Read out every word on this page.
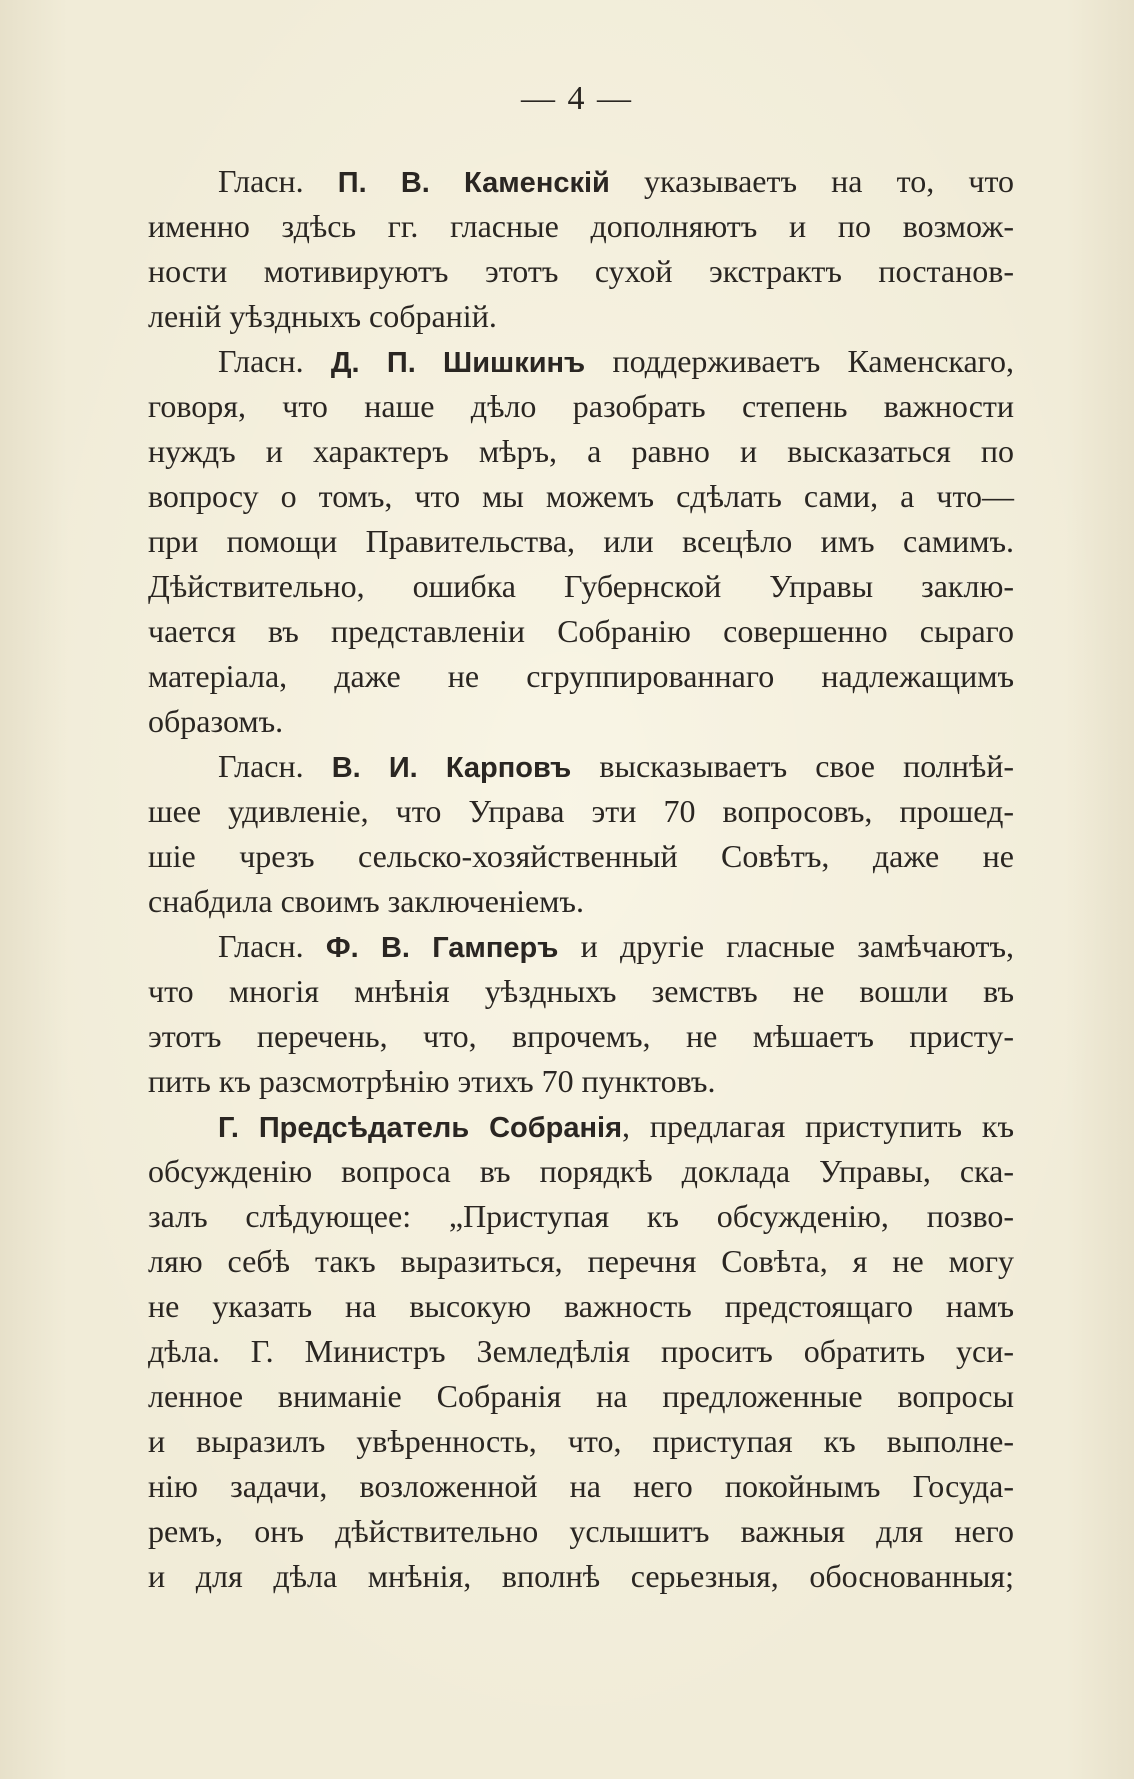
— 4 —
Гласн. П. В. Каменскій указываетъ на то, что
именно здѣсь гг. гласные дополняютъ и по возмож-
ности мотивируютъ этотъ сухой экстрактъ постанов-
леній уѣздныхъ собраній.
Гласн. Д. П. Шишкинъ поддерживаетъ Каменскаго,
говоря, что наше дѣло разобрать степень важности
нуждъ и характеръ мѣръ, а равно и высказаться по
вопросу о томъ, что мы можемъ сдѣлать сами, а что—
при помощи Правительства, или всецѣло имъ самимъ.
Дѣйствительно, ошибка Губернской Управы заклю-
чается въ представленіи Собранію совершенно сыраго
матеріала, даже не сгруппированнаго надлежащимъ
образомъ.
Гласн. В. И. Карповъ высказываетъ свое полнѣй-
шее удивленіе, что Управа эти 70 вопросовъ, прошед-
шіе чрезъ сельско-хозяйственный Совѣтъ, даже не
снабдила своимъ заключеніемъ.
Гласн. Ф. В. Гамперъ и другіе гласные замѣчаютъ,
что многія мнѣнія уѣздныхъ земствъ не вошли въ
этотъ перечень, что, впрочемъ, не мѣшаетъ присту-
пить къ разсмотрѣнію этихъ 70 пунктовъ.
Г. Предсѣдатель Собранія, предлагая приступить къ
обсужденію вопроса въ порядкѣ доклада Управы, ска-
залъ слѣдующее: „Приступая къ обсужденію, позво-
ляю себѣ такъ выразиться, перечня Совѣта, я не могу
не указать на высокую важность предстоящаго намъ
дѣла. Г. Министръ Земледѣлія проситъ обратить уси-
ленное вниманіе Собранія на предложенные вопросы
и выразилъ увѣренность, что, приступая къ выполне-
нію задачи, возложенной на него покойнымъ Госуда-
ремъ, онъ дѣйствительно услышитъ важныя для него
и для дѣла мнѣнія, вполнѣ серьезныя, обоснованныя;
